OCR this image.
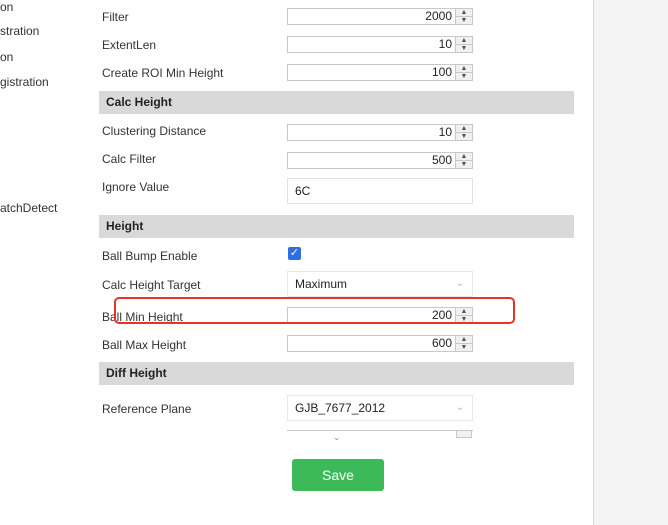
on
stration
on
gistration
atchDetect
Filter	2000	▲
▼
ExtentLen	10	▲
▼
Create ROI Min Height	100	▲
▼
Calc Height
Clustering Distance	10	▲
▼
Calc Filter	500	▲
▼
Ignore Value	6C
Height
Ball Bump Enable	✓
Calc Height Target	Maximum	⌄
Ball Min Height	200	▲
▼
Ball Max Height	600	▲
▼
Diff Height
Reference Plane	GJB_7677_2012	⌄
⌄
Save
